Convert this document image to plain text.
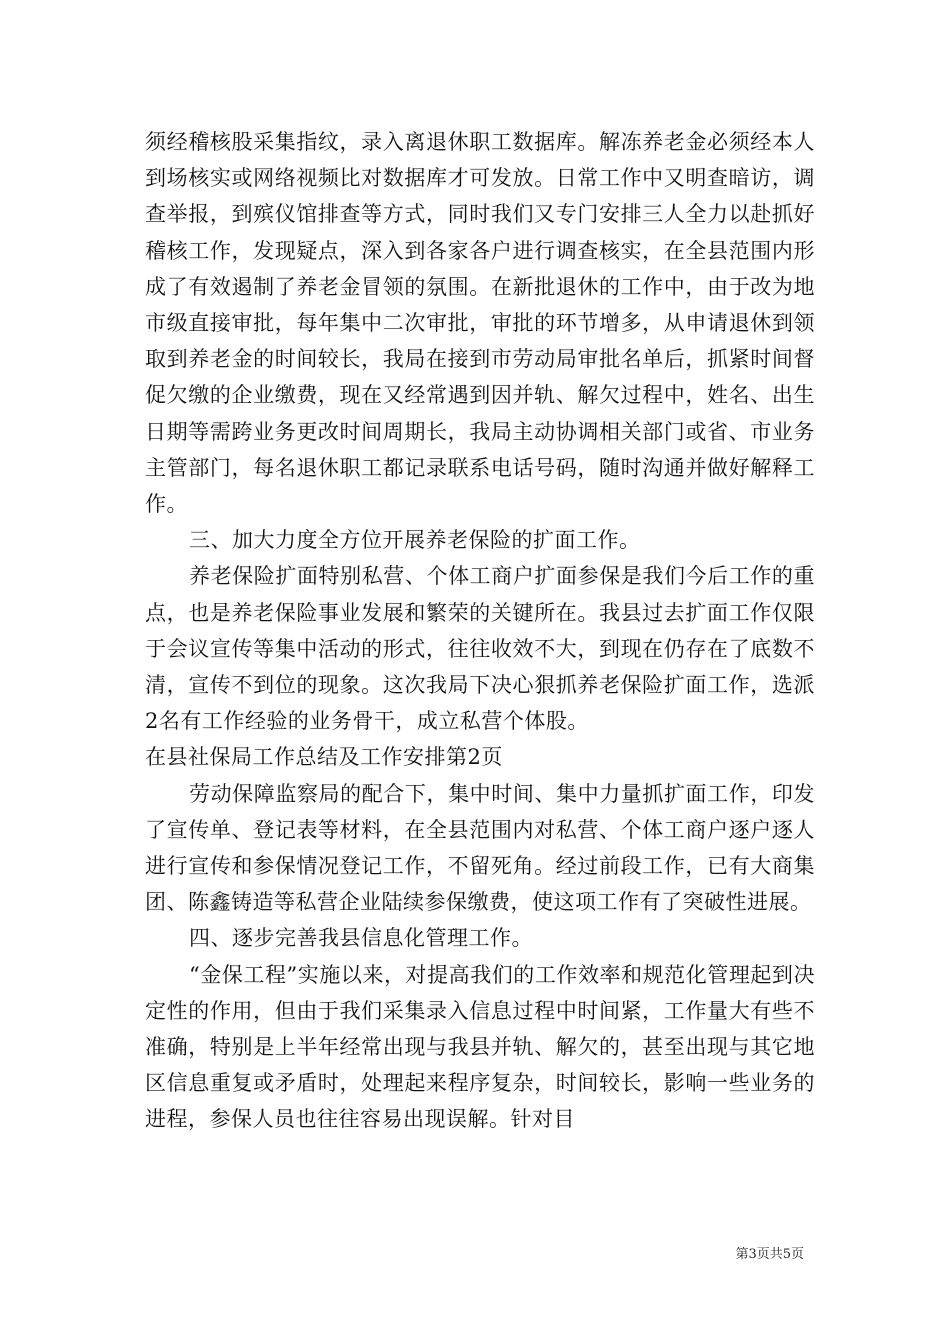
须经稽核股采集指纹，录入离退休职工数据库。解冻养老金必须经本人到场核实或网络视频比对数据库才可发放。日常工作中又明查暗访，调查举报，到殡仪馆排查等方式，同时我们又专门安排三人全力以赴抓好稽核工作，发现疑点，深入到各家各户进行调查核实，在全县范围内形成了有效遏制了养老金冒领的氛围。在新批退休的工作中，由于改为地市级直接审批，每年集中二次审批，审批的环节增多，从申请退休到领取到养老金的时间较长，我局在接到市劳动局审批名单后，抓紧时间督促欠缴的企业缴费，现在又经常遇到因并轨、解欠过程中，姓名、出生日期等需跨业务更改时间周期长，我局主动协调相关部门或省、市业务主管部门，每名退休职工都记录联系电话号码，随时沟通并做好解释工作。

三、加大力度全方位开展养老保险的扩面工作。

养老保险扩面特别私营、个体工商户扩面参保是我们今后工作的重点，也是养老保险事业发展和繁荣的关键所在。我县过去扩面工作仅限于会议宣传等集中活动的形式，往往收效不大，到现在仍存在了底数不清，宣传不到位的现象。这次我局下决心狠抓养老保险扩面工作，选派2名有工作经验的业务骨干，成立私营个体股。

在县社保局工作总结及工作安排第2页

劳动保障监察局的配合下，集中时间、集中力量抓扩面工作，印发了宣传单、登记表等材料，在全县范围内对私营、个体工商户逐户逐人进行宣传和参保情况登记工作，不留死角。经过前段工作，已有大商集团、陈鑫铸造等私营企业陆续参保缴费，使这项工作有了突破性进展。

四、逐步完善我县信息化管理工作。

“金保工程”实施以来，对提高我们的工作效率和规范化管理起到决定性的作用，但由于我们采集录入信息过程中时间紧，工作量大有些不准确，特别是上半年经常出现与我县并轨、解欠的，甚至出现与其它地区信息重复或矛盾时，处理起来程序复杂，时间较长，影响一些业务的进程，参保人员也往往容易出现误解。针对目

第3页共5页
